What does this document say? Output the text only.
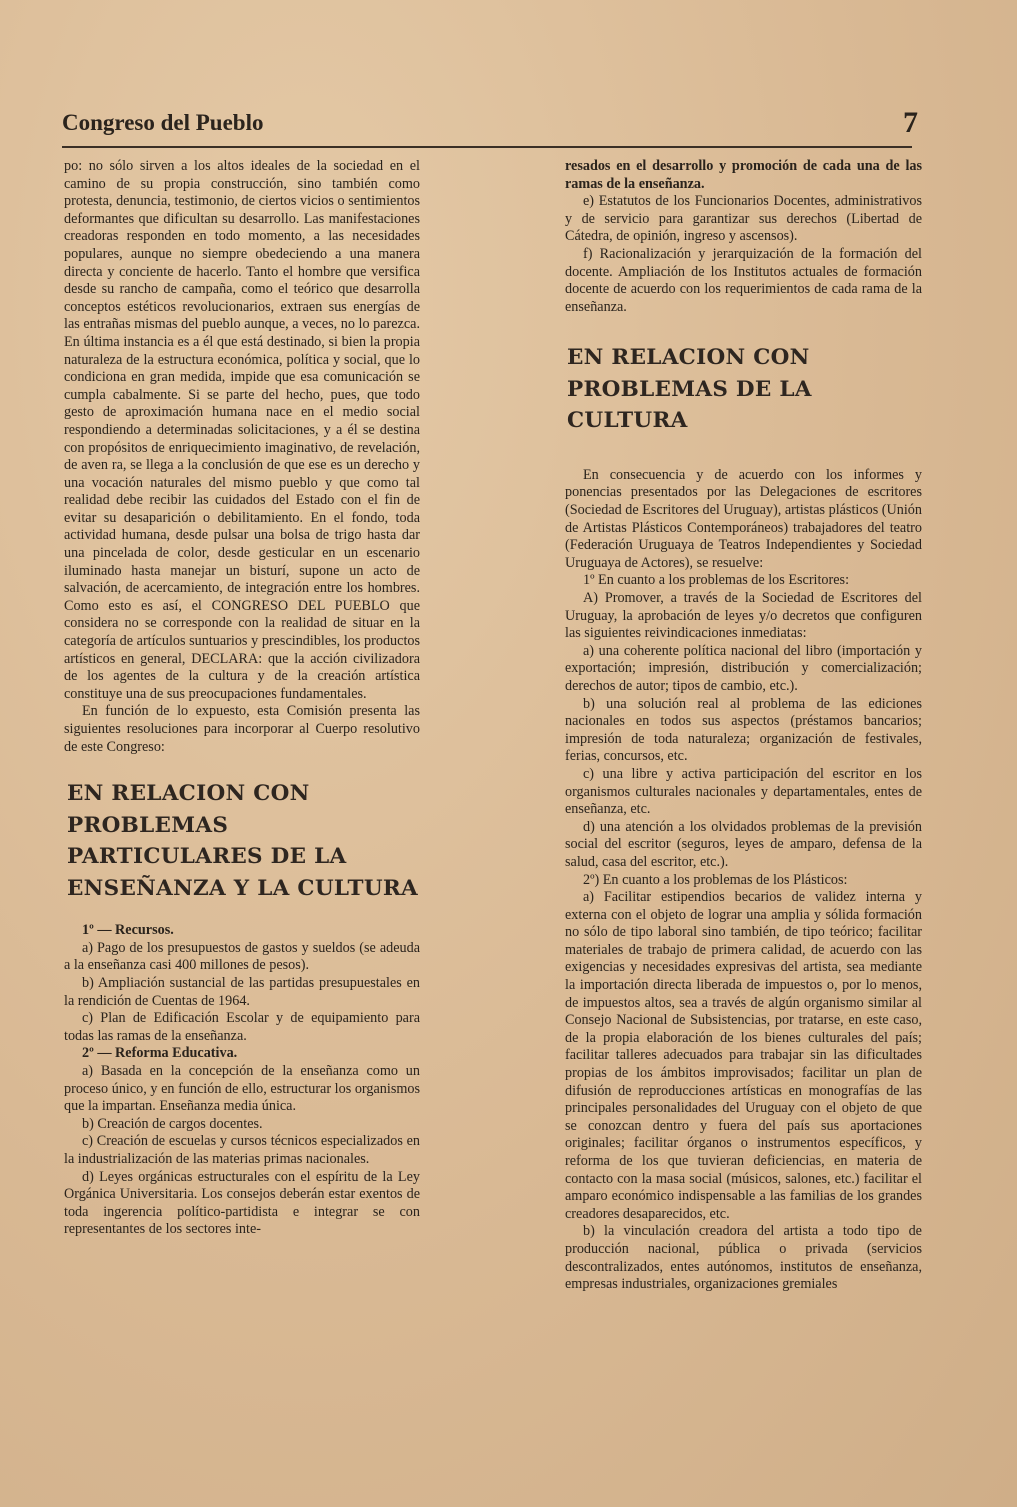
Congreso del Pueblo	7

po: no sólo sirven a los altos ideales de la sociedad en el camino de su propia construcción, sino también como protesta, denuncia, testimonio, de ciertos vicios o sentimientos deformantes que dificultan su desarrollo. Las manifestaciones creadoras responden en todo momento, a las necesidades populares, aunque no siempre obedeciendo a una manera directa y conciente de hacerlo. Tanto el hombre que versifica desde su rancho de campaña, como el teórico que desarrolla conceptos estéticos revolucionarios, extraen sus energías de las entrañas mismas del pueblo aunque, a veces, no lo parezca. En última instancia es a él que está destinado, si bien la propia naturaleza de la estructura económica, política y social, que lo condiciona en gran medida, impide que esa comunicación se cumpla cabalmente. Si se parte del hecho, pues, que todo gesto de aproximación humana nace en el medio social respondiendo a determinadas solicitaciones, y a él se destina con propósitos de enriquecimiento imaginativo, de revelación, de aven ra, se llega a la conclusión de que ese es un derecho y una vocación naturales del mismo pueblo y que como tal realidad debe recibir las cuidados del Estado con el fin de evitar su desaparición o debilitamiento. En el fondo, toda actividad humana, desde pulsar una bolsa de trigo hasta dar una pincelada de color, desde gesticular en un escenario iluminado hasta manejar un bisturí, supone un acto de salvación, de acercamiento, de integración entre los hombres. Como esto es así, el CONGRESO DEL PUEBLO que considera no se corresponde con la realidad de situar en la categoría de artículos suntuarios y prescindibles, los productos artísticos en general, DECLARA: que la acción civilizadora de los agentes de la cultura y de la creación artística constituye una de sus preocupaciones fundamentales.

En función de lo expuesto, esta Comisión presenta las siguientes resoluciones para incorporar al Cuerpo resolutivo de este Congreso:

EN RELACION CON PROBLEMAS PARTICULARES DE LA ENSEÑANZA Y LA CULTURA

1º — Recursos.

a) Pago de los presupuestos de gastos y sueldos (se adeuda a la enseñanza casi 400 millones de pesos).

b) Ampliación sustancial de las partidas presupuestales en la rendición de Cuentas de 1964.

c) Plan de Edificación Escolar y de equipamiento para todas las ramas de la enseñanza.

2º — Reforma Educativa.

a) Basada en la concepción de la enseñanza como un proceso único, y en función de ello, estructurar los organismos que la impartan. Enseñanza media única.

b) Creación de cargos docentes.

c) Creación de escuelas y cursos técnicos especializados en la industrialización de las materias primas nacionales.

d) Leyes orgánicas estructurales con el espíritu de la Ley Orgánica Universitaria. Los consejos deberán estar exentos de toda ingerencia político-partidista e integrar se con representantes de los sectores inte-

resados en el desarrollo y promoción de cada una de las ramas de la enseñanza.

e) Estatutos de los Funcionarios Docentes, administrativos y de servicio para garantizar sus derechos (Libertad de Cátedra, de opinión, ingreso y ascensos).

f) Racionalización y jerarquización de la formación del docente. Ampliación de los Institutos actuales de formación docente de acuerdo con los requerimientos de cada rama de la enseñanza.

EN RELACION CON PROBLEMAS DE LA CULTURA

En consecuencia y de acuerdo con los informes y ponencias presentados por las Delegaciones de escritores (Sociedad de Escritores del Uruguay), artistas plásticos (Unión de Artistas Plásticos Contemporáneos) trabajadores del teatro (Federación Uruguaya de Teatros Independientes y Sociedad Uruguaya de Actores), se resuelve:

1º En cuanto a los problemas de los Escritores:

A) Promover, a través de la Sociedad de Escritores del Uruguay, la aprobación de leyes y/o decretos que configuren las siguientes reivindicaciones inmediatas:

a) una coherente política nacional del libro (importación y exportación; impresión, distribución y comercialización; derechos de autor; tipos de cambio, etc.).

b) una solución real al problema de las ediciones nacionales en todos sus aspectos (préstamos bancarios; impresión de toda naturaleza; organización de festivales, ferias, concursos, etc.

c) una libre y activa participación del escritor en los organismos culturales nacionales y departamentales, entes de enseñanza, etc.

d) una atención a los olvidados problemas de la previsión social del escritor (seguros, leyes de amparo, defensa de la salud, casa del escritor, etc.).

2º) En cuanto a los problemas de los Plásticos:

a) Facilitar estipendios becarios de validez interna y externa con el objeto de lograr una amplia y sólida formación no sólo de tipo laboral sino también, de tipo teórico; facilitar materiales de trabajo de primera calidad, de acuerdo con las exigencias y necesidades expresivas del artista, sea mediante la importación directa liberada de impuestos o, por lo menos, de impuestos altos, sea a través de algún organismo similar al Consejo Nacional de Subsistencias, por tratarse, en este caso, de la propia elaboración de los bienes culturales del país; facilitar talleres adecuados para trabajar sin las dificultades propias de los ámbitos improvisados; facilitar un plan de difusión de reproducciones artísticas en monografías de las principales personalidades del Uruguay con el objeto de que se conozcan dentro y fuera del país sus aportaciones originales; facilitar órganos o instrumentos específicos, y reforma de los que tuvieran deficiencias, en materia de contacto con la masa social (músicos, salones, etc.) facilitar el amparo económico indispensable a las familias de los grandes creadores desaparecidos, etc.

b) la vinculación creadora del artista a todo tipo de producción nacional, pública o privada (servicios descontralizados, entes autónomos, institutos de enseñanza, empresas industriales, organizaciones gremiales
